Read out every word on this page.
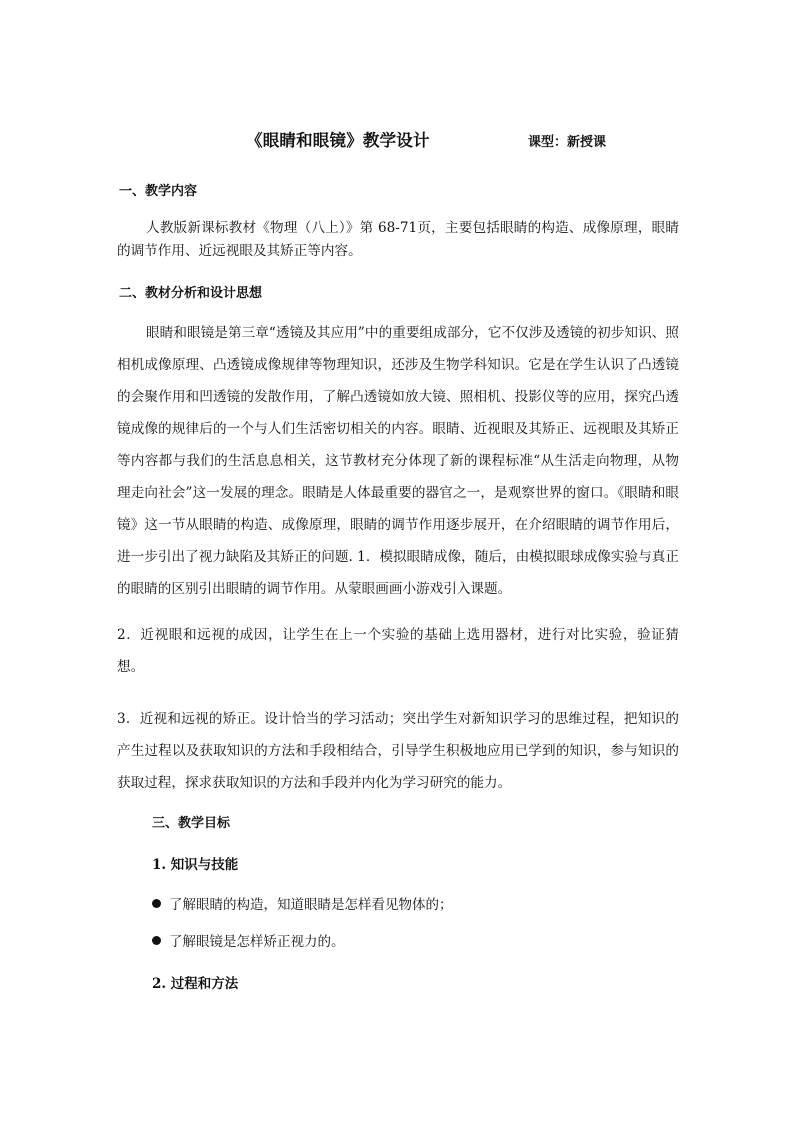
《眼睛和眼镜》教学设计	课型：新授课
一、教学内容

人教版新课标教材《物理（八上）》第 68-71页，主要包括眼睛的构造、成像原理，眼睛的调节作用、近远视眼及其矫正等内容。

二、教材分析和设计思想

眼睛和眼镜是第三章“透镜及其应用”中的重要组成部分，它不仅涉及透镜的初步知识、照相机成像原理、凸透镜成像规律等物理知识，还涉及生物学科知识。它是在学生认识了凸透镜的会聚作用和凹透镜的发散作用，了解凸透镜如放大镜、照相机、投影仪等的应用，探究凸透镜成像的规律后的一个与人们生活密切相关的内容。眼睛、近视眼及其矫正、远视眼及其矫正等内容都与我们的生活息息相关，这节教材充分体现了新的课程标准“从生活走向物理，从物理走向社会”这一发展的理念。眼睛是人体最重要的器官之一，是观察世界的窗口。《眼睛和眼镜》这一节从眼睛的构造、成像原理，眼睛的调节作用逐步展开，在介绍眼睛的调节作用后，进一步引出了视力缺陷及其矫正的问题. 1．模拟眼睛成像，随后，由模拟眼球成像实验与真正的眼睛的区别引出眼睛的调节作用。从蒙眼画画小游戏引入课题。

2．近视眼和远视的成因，让学生在上一个实验的基础上选用器材，进行对比实验，验证猜想。

3．近视和远视的矫正。设计恰当的学习活动；突出学生对新知识学习的思维过程，把知识的产生过程以及获取知识的方法和手段相结合，引导学生积极地应用已学到的知识，参与知识的获取过程，探求获取知识的方法和手段并内化为学习研究的能力。

三、教学目标
1. 知识与技能
了解眼睛的构造，知道眼睛是怎样看见物体的；
了解眼镜是怎样矫正视力的。
2. 过程和方法
